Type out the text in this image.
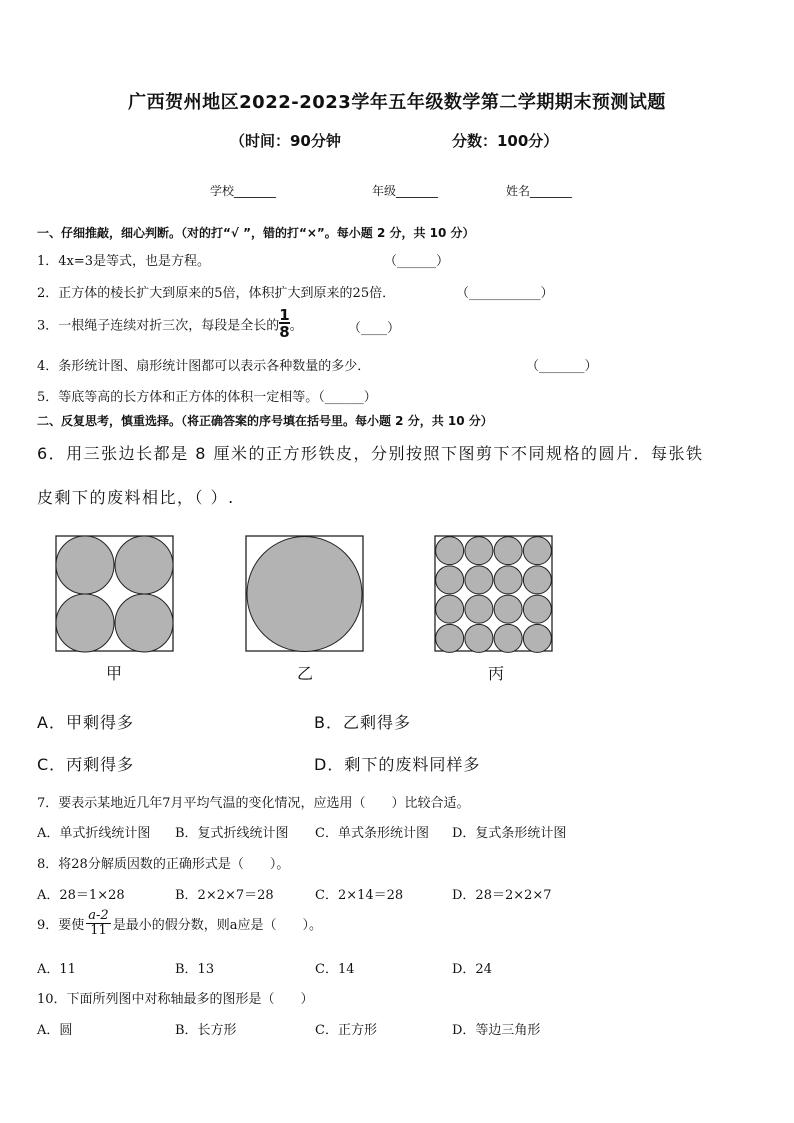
广西贺州地区2022-2023学年五年级数学第二学期期末预测试题
（时间：90分钟	分数：100分）
学校_______	年级_______	姓名_______
一、仔细推敲，细心判断。（对的打“√ ”，错的打“×”。每小题 2 分，共 10 分）
1．4x=3是等式，也是方程。	（______）
2．正方体的棱长扩大到原来的5倍，体积扩大到原来的25倍．	（___________）
3．一根绳子连续对折三次，每段是全长的 $\frac{1}{8}$ 。	（____）
4．条形统计图、扇形统计图都可以表示各种数量的多少．	（_______）
5．等底等高的长方体和正方体的体积一定相等。（______）
二、反复思考，慎重选择。（将正确答案的序号填在括号里。每小题 2 分，共 10 分）
6．用三张边长都是 8 厘米的正方形铁皮，分别按照下图剪下不同规格的圆片．每张铁
皮剩下的废料相比，（ ）.
甲	乙	丙
A．甲剩得多	B．乙剩得多
C．丙剩得多	D．剩下的废料同样多
7．要表示某地近几年7月平均气温的变化情况，应选用（　　）比较合适。
A．单式折线统计图 B．复式折线统计图 C．单式条形统计图 D．复式条形统计图
8．将28分解质因数的正确形式是（　　）。
A．28＝1×28	B．2×2×7＝28	C．2×14＝28	D．28＝2×2×7
9．要使 $\frac{a-2}{11}$ 是最小的假分数，则a应是（　　）。
A．11	B．13	C．14	D．24
10．下面所列图中对称轴最多的图形是（　　）
A．圆	B．长方形	C．正方形	D．等边三角形
